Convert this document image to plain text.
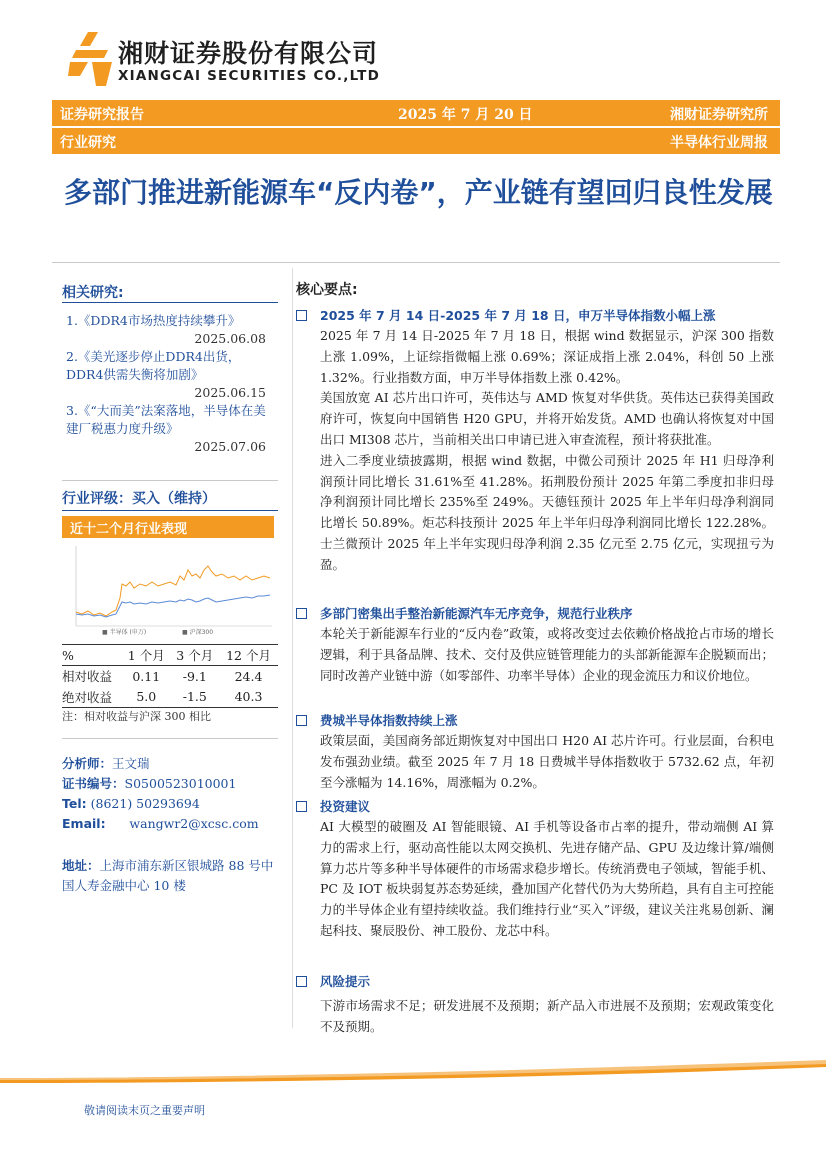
湘财证券股份有限公司
XIANGCAI SECURITIES CO.,LTD
证券研究报告	2025 年 7 月 20 日	湘财证券研究所
行业研究	半导体行业周报
多部门推进新能源车“反内卷”，产业链有望回归良性发展
相关研究:
1.《DDR4市场热度持续攀升》
2025.06.08
2.《美光逐步停止DDR4出货，DDR4供需失衡将加剧》
2025.06.15
3.《“大而美”法案落地，半导体在美建厂税惠力度升级》
2025.07.06
行业评级：买入（维持）
近十二个月行业表现
■ 半导体 (申万)	■ 沪深300
%	1 个月	3 个月	12 个月
相对收益	0.11	-9.1	24.4
绝对收益	5.0	-1.5	40.3
注：相对收益与沪深 300 相比
分析师：王文瑞
证书编号：S0500523010001
Tel: (8621) 50293694
Email: wangwr2@xcsc.com
地址：上海市浦东新区银城路 88 号中国人寿金融中心 10 楼
核心要点:
2025 年 7 月 14 日-2025 年 7 月 18 日，申万半导体指数小幅上涨

2025 年 7 月 14 日-2025 年 7 月 18 日，根据 wind 数据显示，沪深 300 指数上涨 1.09%，上证综指微幅上涨 0.69%；深证成指上涨 2.04%，科创 50 上涨 1.32%。行业指数方面，申万半导体指数上涨 0.42%。

美国放宽 AI 芯片出口许可，英伟达与 AMD 恢复对华供货。英伟达已获得美国政府许可，恢复向中国销售 H20 GPU，并将开始发货。AMD 也确认将恢复对中国出口 MI308 芯片，当前相关出口申请已进入审查流程，预计将获批准。

进入二季度业绩披露期，根据 wind 数据，中微公司预计 2025 年 H1 归母净利润预计同比增长 31.61%至 41.28%。拓荆股份预计 2025 年第二季度扣非归母净利润预计同比增长 235%至 249%。天德钰预计 2025 年上半年归母净利润同比增长 50.89%。炬芯科技预计 2025 年上半年归母净利润同比增长 122.28%。士兰微预计 2025 年上半年实现归母净利润 2.35 亿元至 2.75 亿元，实现扭亏为盈。

多部门密集出手整治新能源汽车无序竞争，规范行业秩序

本轮关于新能源车行业的“反内卷”政策，或将改变过去依赖价格战抢占市场的增长逻辑，利于具备品牌、技术、交付及供应链管理能力的头部新能源车企脱颖而出；同时改善产业链中游（如零部件、功率半导体）企业的现金流压力和议价地位。

费城半导体指数持续上涨

政策层面，美国商务部近期恢复对中国出口 H20 AI 芯片许可。行业层面，台积电发布强劲业绩。截至 2025 年 7 月 18 日费城半导体指数收于 5732.62 点，年初至今涨幅为 14.16%，周涨幅为 0.2%。

投资建议

AI 大模型的破圈及 AI 智能眼镜、AI 手机等设备市占率的提升，带动端侧 AI 算力的需求上行，驱动高性能以太网交换机、先进存储产品、GPU 及边缘计算/端侧算力芯片等多种半导体硬件的市场需求稳步增长。传统消费电子领域，智能手机、PC 及 IOT 板块弱复苏态势延续，叠加国产化替代仍为大势所趋，具有自主可控能力的半导体企业有望持续收益。我们维持行业“买入”评级，建议关注兆易创新、澜起科技、聚辰股份、神工股份、龙芯中科。

风险提示

下游市场需求不足；研发进展不及预期；新产品入市进展不及预期；宏观政策变化不及预期。

敬请阅读末页之重要声明
